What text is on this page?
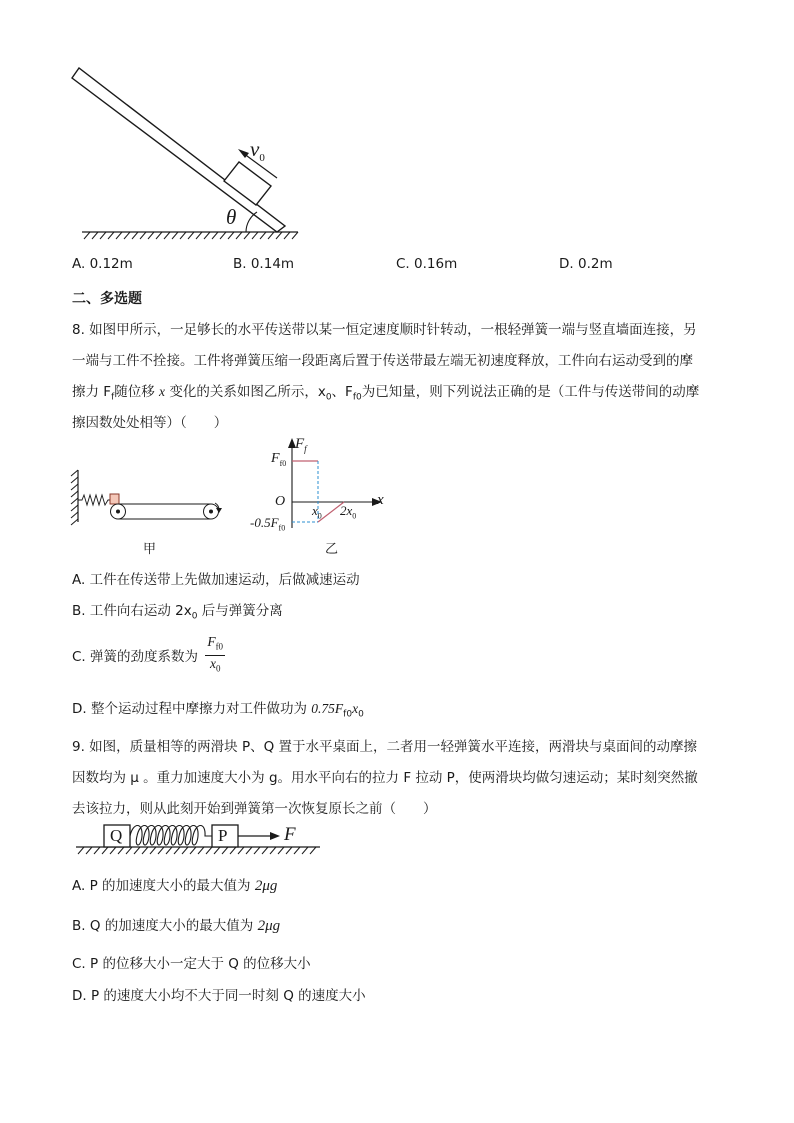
$v_0$
θ
A. 0.12m	B. 0.14m	C. 0.16m	D. 0.2m
二、多选题
8. 如图甲所示，一足够长的水平传送带以某一恒定速度顺时针转动，一根轻弹簧一端与竖直墙面连接，另
一端与工件不拴接。工件将弹簧压缩一段距离后置于传送带最左端无初速度释放，工件向右运动受到的摩
擦力 $F_f$随位移 x 变化的关系如图乙所示，$x_0$、$F_{f0}$为已知量，则下列说法正确的是（工件与传送带间的动摩
擦因数处处相等）（　　）
甲
$F_f$
$F_{f0}$
O	x
$x_0$ $2x_0$
$-0.5F_{f0}$
乙
A. 工件在传送带上先做加速运动，后做减速运动
B. 工件向右运动 $2x_0$ 后与弹簧分离
C. 弹簧的劲度系数为 $\frac{F_{f0}}{x_0}$
D. 整个运动过程中摩擦力对工件做功为 $0.75F_{f0}x_0$
9. 如图，质量相等的两滑块 P、Q 置于水平桌面上，二者用一轻弹簧水平连接，两滑块与桌面间的动摩擦
因数均为 μ 。重力加速度大小为 g。用水平向右的拉力 F 拉动 P，使两滑块均做匀速运动；某时刻突然撤
去该拉力，则从此刻开始到弹簧第一次恢复原长之前（　　）
Q	P	F
A. P 的加速度大小的最大值为 2μg
B. Q 的加速度大小的最大值为 2μg
C. P 的位移大小一定大于 Q 的位移大小
D. P 的速度大小均不大于同一时刻 Q 的速度大小
